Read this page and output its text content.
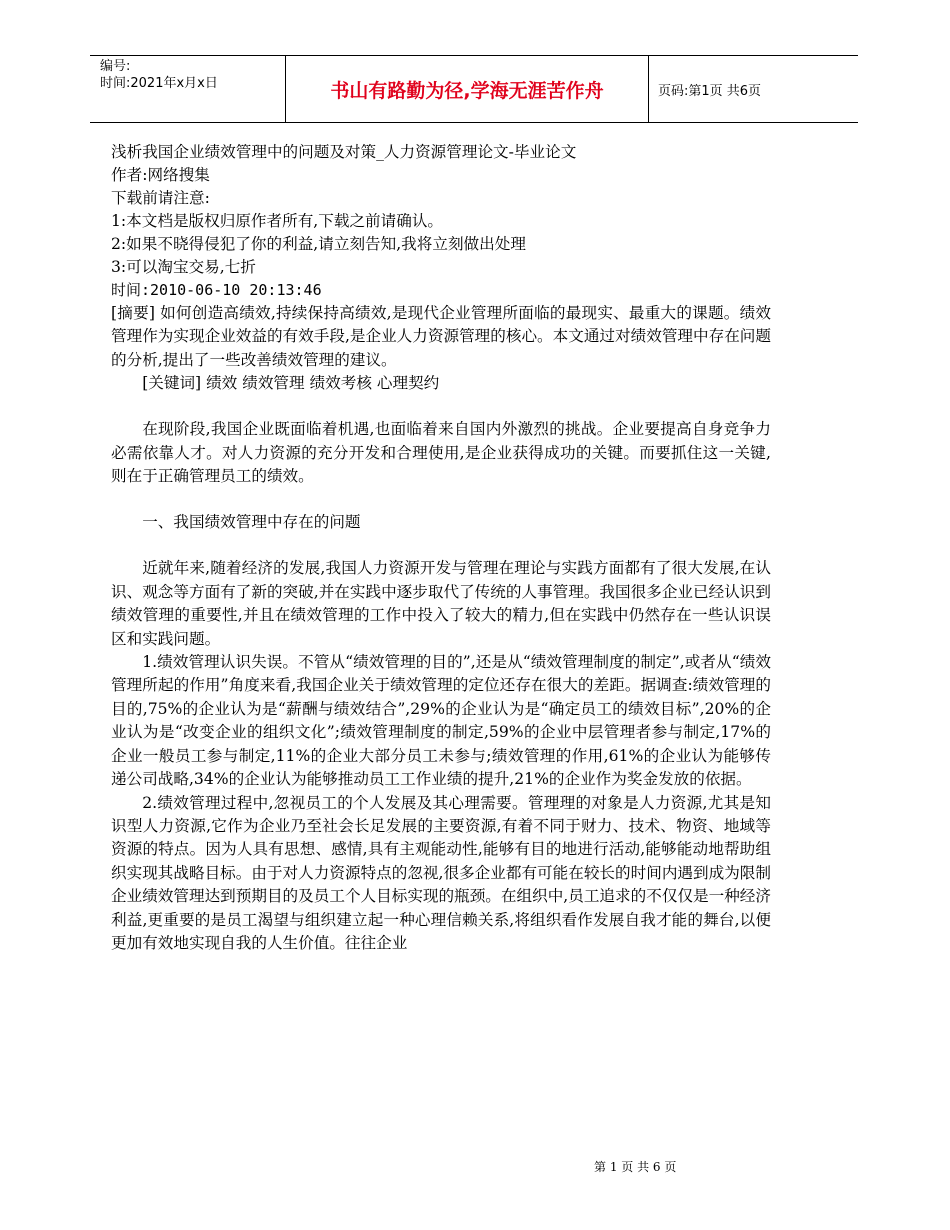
编号:
时间:2021年x月x日	书山有路勤为径,学海无涯苦作舟	页码:第1页 共6页
浅析我国企业绩效管理中的问题及对策_人力资源管理论文-毕业论文
作者:网络搜集
下载前请注意:
1:本文档是版权归原作者所有,下载之前请确认。
2:如果不晓得侵犯了你的利益,请立刻告知,我将立刻做出处理
3:可以淘宝交易,七折
时间:2010-06-10 20:13:46
[摘要] 如何创造高绩效,持续保持高绩效,是现代企业管理所面临的最现实、最重大的课题。绩效管理作为实现企业效益的有效手段,是企业人力资源管理的核心。本文通过对绩效管理中存在问题的分析,提出了一些改善绩效管理的建议。
[关键词] 绩效 绩效管理 绩效考核 心理契约
在现阶段,我国企业既面临着机遇,也面临着来自国内外激烈的挑战。企业要提高自身竞争力必需依靠人才。对人力资源的充分开发和合理使用,是企业获得成功的关键。而要抓住这一关键,则在于正确管理员工的绩效。
一、我国绩效管理中存在的问题
近就年来,随着经济的发展,我国人力资源开发与管理在理论与实践方面都有了很大发展,在认识、观念等方面有了新的突破,并在实践中逐步取代了传统的人事管理。我国很多企业已经认识到绩效管理的重要性,并且在绩效管理的工作中投入了较大的精力,但在实践中仍然存在一些认识误区和实践问题。
1.绩效管理认识失误。不管从“绩效管理的目的”,还是从“绩效管理制度的制定”,或者从“绩效管理所起的作用”角度来看,我国企业关于绩效管理的定位还存在很大的差距。据调查:绩效管理的目的,75%的企业认为是“薪酬与绩效结合”,29%的企业认为是“确定员工的绩效目标”,20%的企业认为是“改变企业的组织文化”;绩效管理制度的制定,59%的企业中层管理者参与制定,17%的企业一般员工参与制定,11%的企业大部分员工未参与;绩效管理的作用,61%的企业认为能够传递公司战略,34%的企业认为能够推动员工工作业绩的提升,21%的企业作为奖金发放的依据。
2.绩效管理过程中,忽视员工的个人发展及其心理需要。管理理的对象是人力资源,尤其是知识型人力资源,它作为企业乃至社会长足发展的主要资源,有着不同于财力、技术、物资、地域等资源的特点。因为人具有思想、感情,具有主观能动性,能够有目的地进行活动,能够能动地帮助组织实现其战略目标。由于对人力资源特点的忽视,很多企业都有可能在较长的时间内遇到成为限制企业绩效管理达到预期目的及员工个人目标实现的瓶颈。在组织中,员工追求的不仅仅是一种经济利益,更重要的是员工渴望与组织建立起一种心理信赖关系,将组织看作发展自我才能的舞台,以便更加有效地实现自我的人生价值。往往企业
第 1 页 共 6 页
